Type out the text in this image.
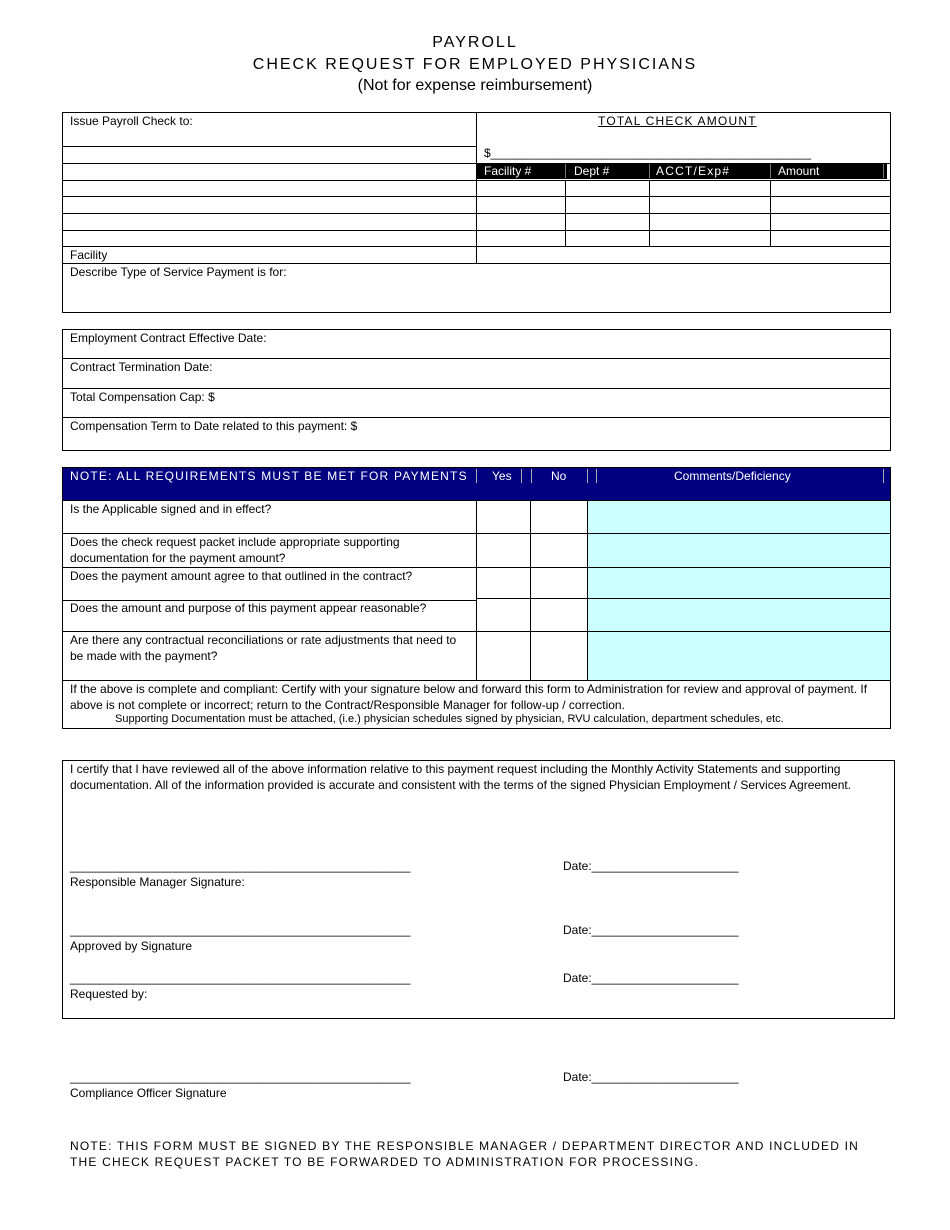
PAYROLL
CHECK REQUEST FOR EMPLOYED PHYSICIANS
(Not for expense reimbursement)
Issue Payroll Check to:	TOTAL CHECK AMOUNT
$________________________________________________
Facility #	Dept #	ACCT/Exp#	Amount
Facility
Describe Type of Service Payment is for:
Employment Contract Effective Date:
Contract Termination Date:
Total Compensation Cap: $
Compensation Term to Date related to this payment: $
NOTE: ALL REQUIREMENTS MUST BE MET FOR PAYMENTS Yes	No	Comments/Deficiency
Is the Applicable signed and in effect?
Does the check request packet include appropriate supporting documentation for the payment amount?
Does the payment amount agree to that outlined in the contract?
Does the amount and purpose of this payment appear reasonable?
Are there any contractual reconciliations or rate adjustments that need to be made with the payment?
If the above is complete and compliant: Certify with your signature below and forward this form to Administration for review and approval of payment. If above is not complete or incorrect; return to the Contract/Responsible Manager for follow-up / correction.
Supporting Documentation must be attached, (i.e.) physician schedules signed by physician, RVU calculation, department schedules, etc.
I certify that I have reviewed all of the above information relative to this payment request including the Monthly Activity Statements and supporting documentation. All of the information provided is accurate and consistent with the terms of the signed Physician Employment / Services Agreement.
___________________________________________________	Date:______________________
Responsible Manager Signature:
___________________________________________________	Date:______________________
Approved by Signature
___________________________________________________	Date:______________________
Requested by:
___________________________________________________	Date:______________________
Compliance Officer Signature
NOTE: THIS FORM MUST BE SIGNED BY THE RESPONSIBLE MANAGER / DEPARTMENT DIRECTOR AND INCLUDED IN THE CHECK REQUEST PACKET TO BE FORWARDED TO ADMINISTRATION FOR PROCESSING.
